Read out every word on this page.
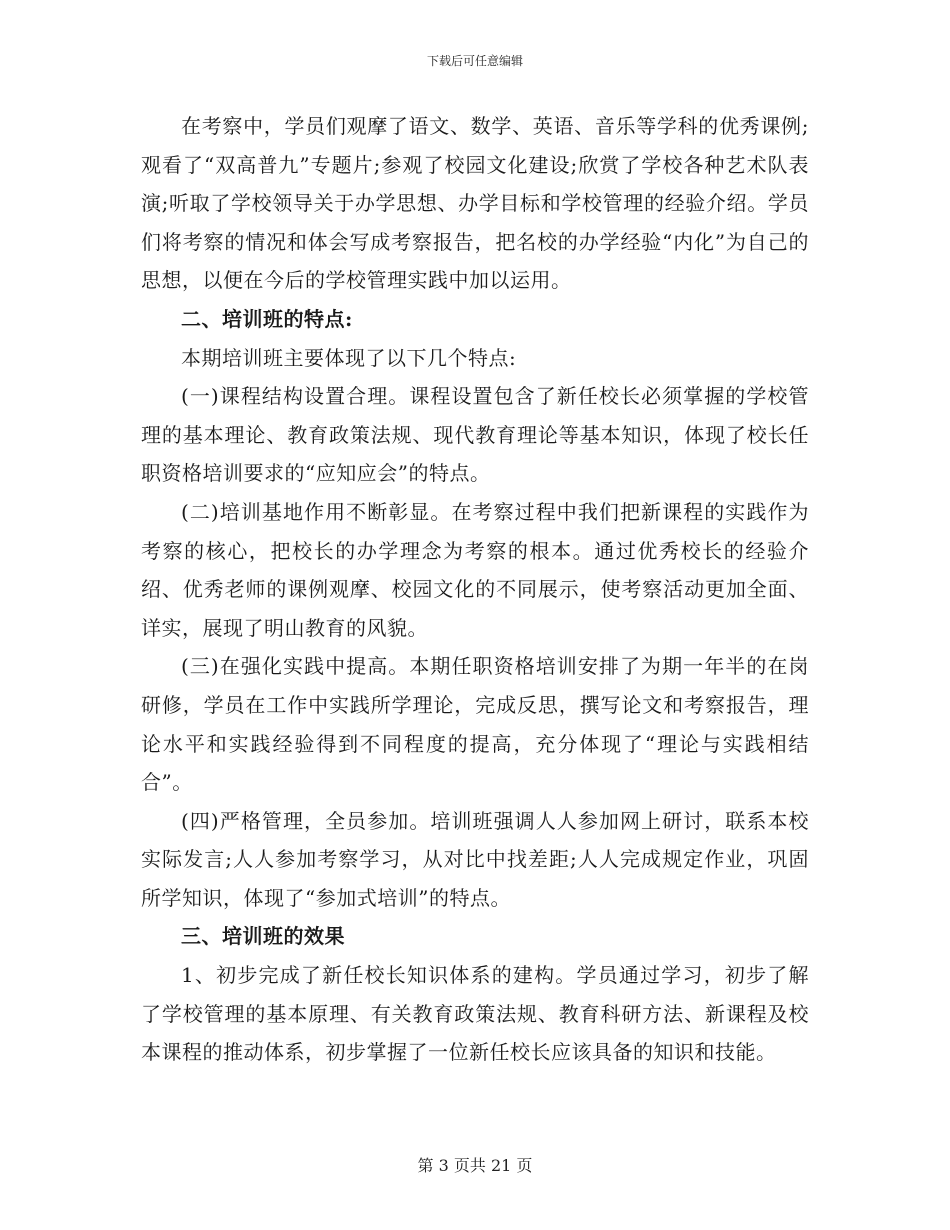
下载后可任意编辑

在考察中，学员们观摩了语文、数学、英语、音乐等学科的优秀课例;观看了“双高普九”专题片;参观了校园文化建设;欣赏了学校各种艺术队表演;听取了学校领导关于办学思想、办学目标和学校管理的经验介绍。学员们将考察的情况和体会写成考察报告，把名校的办学经验“内化”为自己的思想，以便在今后的学校管理实践中加以运用。

二、培训班的特点:

本期培训班主要体现了以下几个特点:

(一)课程结构设置合理。课程设置包含了新任校长必须掌握的学校管理的基本理论、教育政策法规、现代教育理论等基本知识，体现了校长任职资格培训要求的“应知应会”的特点。

(二)培训基地作用不断彰显。在考察过程中我们把新课程的实践作为考察的核心，把校长的办学理念为考察的根本。通过优秀校长的经验介绍、优秀老师的课例观摩、校园文化的不同展示，使考察活动更加全面、详实，展现了明山教育的风貌。

(三)在强化实践中提高。本期任职资格培训安排了为期一年半的在岗研修，学员在工作中实践所学理论，完成反思，撰写论文和考察报告，理论水平和实践经验得到不同程度的提高，充分体现了“理论与实践相结合”。

(四)严格管理，全员参加。培训班强调人人参加网上研讨，联系本校实际发言;人人参加考察学习，从对比中找差距;人人完成规定作业，巩固所学知识，体现了“参加式培训”的特点。

三、培训班的效果

1、初步完成了新任校长知识体系的建构。学员通过学习，初步了解了学校管理的基本原理、有关教育政策法规、教育科研方法、新课程及校本课程的推动体系，初步掌握了一位新任校长应该具备的知识和技能。

第 3 页共 21 页
